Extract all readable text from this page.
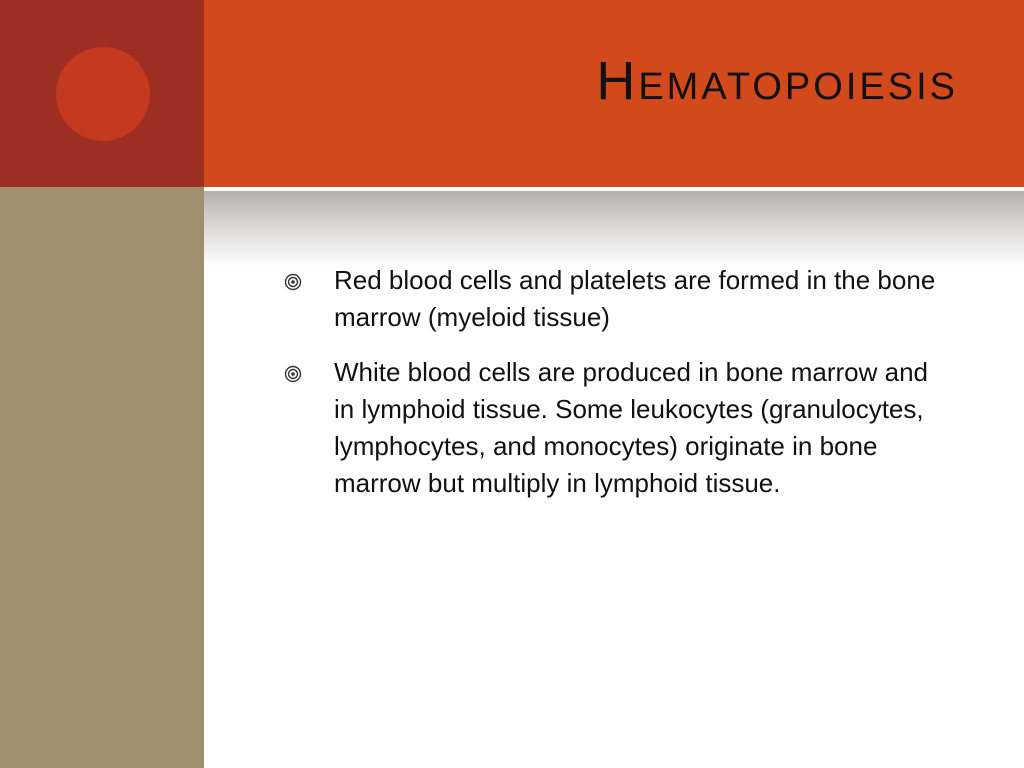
Hematopoiesis
Red blood cells and platelets are formed in the bone marrow (myeloid tissue)
White blood cells are produced in bone marrow and in lymphoid tissue. Some leukocytes (granulocytes, lymphocytes, and monocytes) originate in bone marrow but multiply in lymphoid tissue.
